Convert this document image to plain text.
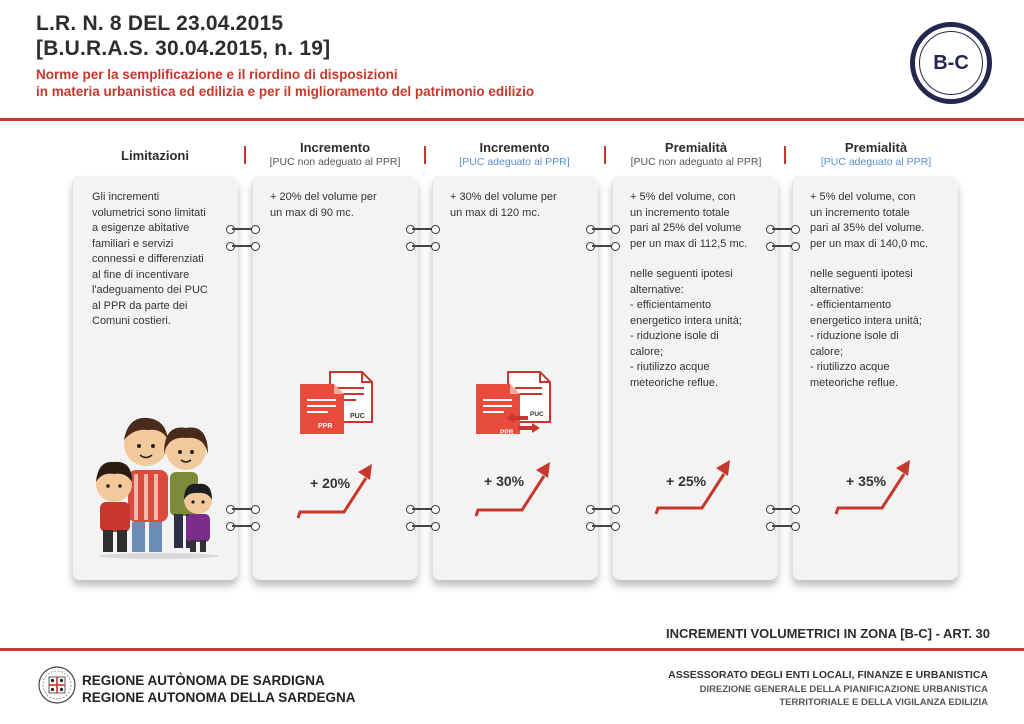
L.R. N. 8 DEL 23.04.2015
[B.U.R.A.S. 30.04.2015, n. 19]
Norme per la semplificazione e il riordino di disposizioni
in materia urbanistica ed edilizia e per il miglioramento del patrimonio edilizio
B-C
Limitazioni
Incremento
[PUC non adeguato al PPR]
Incremento
[PUC adeguato al PPR]
Premialità
[PUC non adeguato al PPR]
Premialità
[PUC adeguato al PPR]
Gli incrementi
volumetrici sono limitati
a esigenze abitative
familiari e servizi
connessi e differenziati
al fine di incentivare
l'adeguamento dei PUC
al PPR da parte dei
Comuni costieri.
+ 20% del volume per
un max di 90 mc.
+ 30% del volume per
un max di 120 mc.
+ 5% del volume, con
un incremento totale
pari al 25% del volume
per un max di 112,5 mc.
nelle seguenti ipotesi
alternative:
- efficientamento
energetico intera unità;
- riduzione isole di
calore;
- riutilizzo acque
meteoriche reflue.
+ 5% del volume, con
un incremento totale
pari al 35% del volume.
per un max di 140,0 mc.
nelle seguenti ipotesi
alternative:
- efficientamento
energetico intera unità;
- riduzione isole di
calore;
- riutilizzo acque
meteoriche reflue.
PPR
PUC
PPR
PUC
+ 20%	+ 30%	+ 25%	+ 35%
INCREMENTI VOLUMETRICI IN ZONA [B-C] - ART. 30
REGIONE AUTÒNOMA DE SARDIGNA
REGIONE AUTONOMA DELLA SARDEGNA
ASSESSORATO DEGLI ENTI LOCALI, FINANZE E URBANISTICA
DIREZIONE GENERALE DELLA PIANIFICAZIONE URBANISTICA
TERRITORIALE E DELLA VIGILANZA EDILIZIA
